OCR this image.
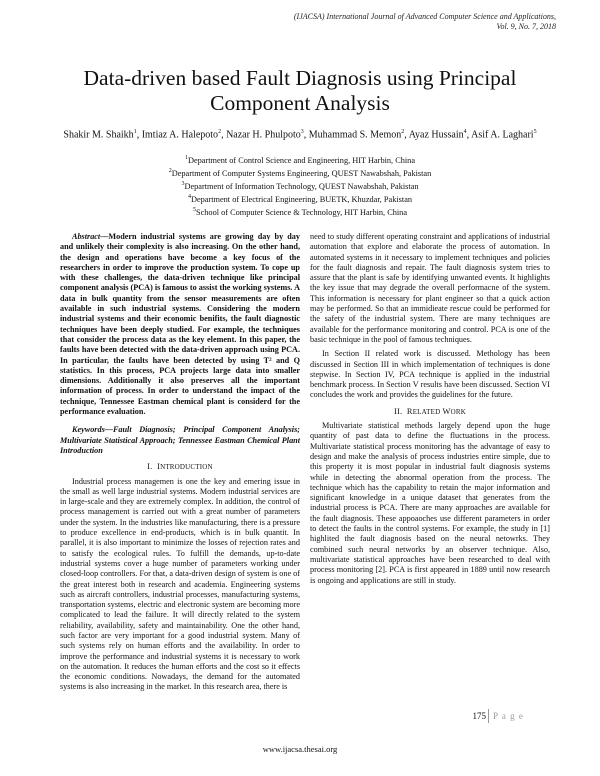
(IJACSA) International Journal of Advanced Computer Science and Applications,
Vol. 9, No. 7, 2018
Data-driven based Fault Diagnosis using Principal Component Analysis
Shakir M. Shaikh$^1$, Imtiaz A. Halepoto$^2$, Nazar H. Phulpoto$^3$, Muhammad S. Memon$^2$, Ayaz Hussain$^4$, Asif A. Laghari$^5$
$^1$Department of Control Science and Engineering, HIT Harbin, China
$^2$Department of Computer Systems Engineering, QUEST Nawabshah, Pakistan
$^3$Department of Information Technology, QUEST Nawabshah, Pakistan
$^4$Department of Electrical Engineering, BUETK, Khuzdar, Pakistan
$^5$School of Computer Science & Technology, HIT Harbin, China

Abstract—Modern industrial systems are growing day by day and unlikely their complexity is also increasing. On the other hand, the design and operations have become a key focus of the researchers in order to improve the production system. To cope up with these challenges, the data-driven technique like principal component analysis (PCA) is famous to assist the working systems. A data in bulk quantity from the sensor measurements are often available in such industrial systems. Considering the modern industrial systems and their economic benifits, the fault diagnostic techniques have been deeply studied. For example, the techniques that consider the process data as the key element. In this paper, the faults have been detected with the data-driven approach using PCA. In particular, the faults have been detected by using T² and Q statistics. In this process, PCA projects large data into smaller dimensions. Additionally it also preserves all the important information of process. In order to understand the impact of the technique, Tennessee Eastman chemical plant is considerd for the performance evaluation.

Keywords—Fault Diagnosis; Principal Component Analysis; Multivariate Statistical Approach; Tennessee Eastman Chemical Plant Introduction

I. INTRODUCTION

Industrial process managemen is one the key and emering issue in the small as well large industrial systems. Modern industrial services are in large-scale and they are extremely complex. In addition, the control of process management is carried out with a great number of parameters under the system. In the industries like manufacturing, there is a pressure to produce excellence in end-products, which is in bulk quantit. In parallel, it is also important to minimize the losses of rejection rates and to satisfy the ecological rules. To fulfill the demands, up-to-date industrial systems cover a huge number of parameters working under closed-loop controllers. For that, a data-driven design of system is one of the great interest both in research and academia. Engineering systems such as aircraft controllers, industrial processes, manufacturing systems, transportation systems, electric and electronic system are becoming more complicated to lead the failure. It will directly related to the system reliability, availability, safety and maintainability. One the other hand, such factor are very important for a good industrial system. Many of such systems rely on human efforts and the availability. In order to improve the performance and industrial systems it is necessary to work on the automation. It reduces the human efforts and the cost so it effects the economic conditions. Nowadays, the demand for the automated systems is also increasing in the market. In this research area, there is

need to study different operating constraint and applications of industrial automation that explore and elaborate the process of automation. In automated systems in it necessary to implement techniques and policies for the fault diagnosis and repair. The fault diagnosis system tries to assure that the plant is safe by identifying unwanted events. It highlights the key issue that may degrade the overall performacne of the system. This information is necessary for plant engineer so that a quick action may be performed. So that an immidieate rescue could be performed for the safety of the industrial system. There are many techniques are available for the performance monitoring and control. PCA is one of the basic technique in the pool of famous techniques.

In Section II related work is discussed. Methology has been discussed in Section III in which implementation of techniques is done stepwise. In Section IV, PCA technique is applied in the industrial benchmark process. In Section V results have been discussed. Section VI concludes the work and provides the guidelines for the future.

II. RELATED WORK

Multivariate statistical methods largely depend upon the huge quantity of past data to define the fluctuations in the process. Multivariate statistical process monitoring has the advantage of easy to design and make the analysis of process industries entire simple, due to this property it is most popular in industrial fault diagnosis systems while in detecting the abnormal operation from the process. The technique which has the capability to retain the major information and significant knowledge in a unique dataset that generates from the industrial process is PCA. There are many approaches are available for the fault diagnosis. These appoaoches use different parameters in order to detect the faults in the control systems. For example, the study in [1] highlited the fault diagnosis based on the neural netowrks. They combined such neural networks by an observer technique. Also, multivariate statistical approaches have been researched to deal with process monitoring [2]. PCA is first appeared in 1889 until now research is ongoing and applications are still in study.

175 P a g e
www.ijacsa.thesai.org
